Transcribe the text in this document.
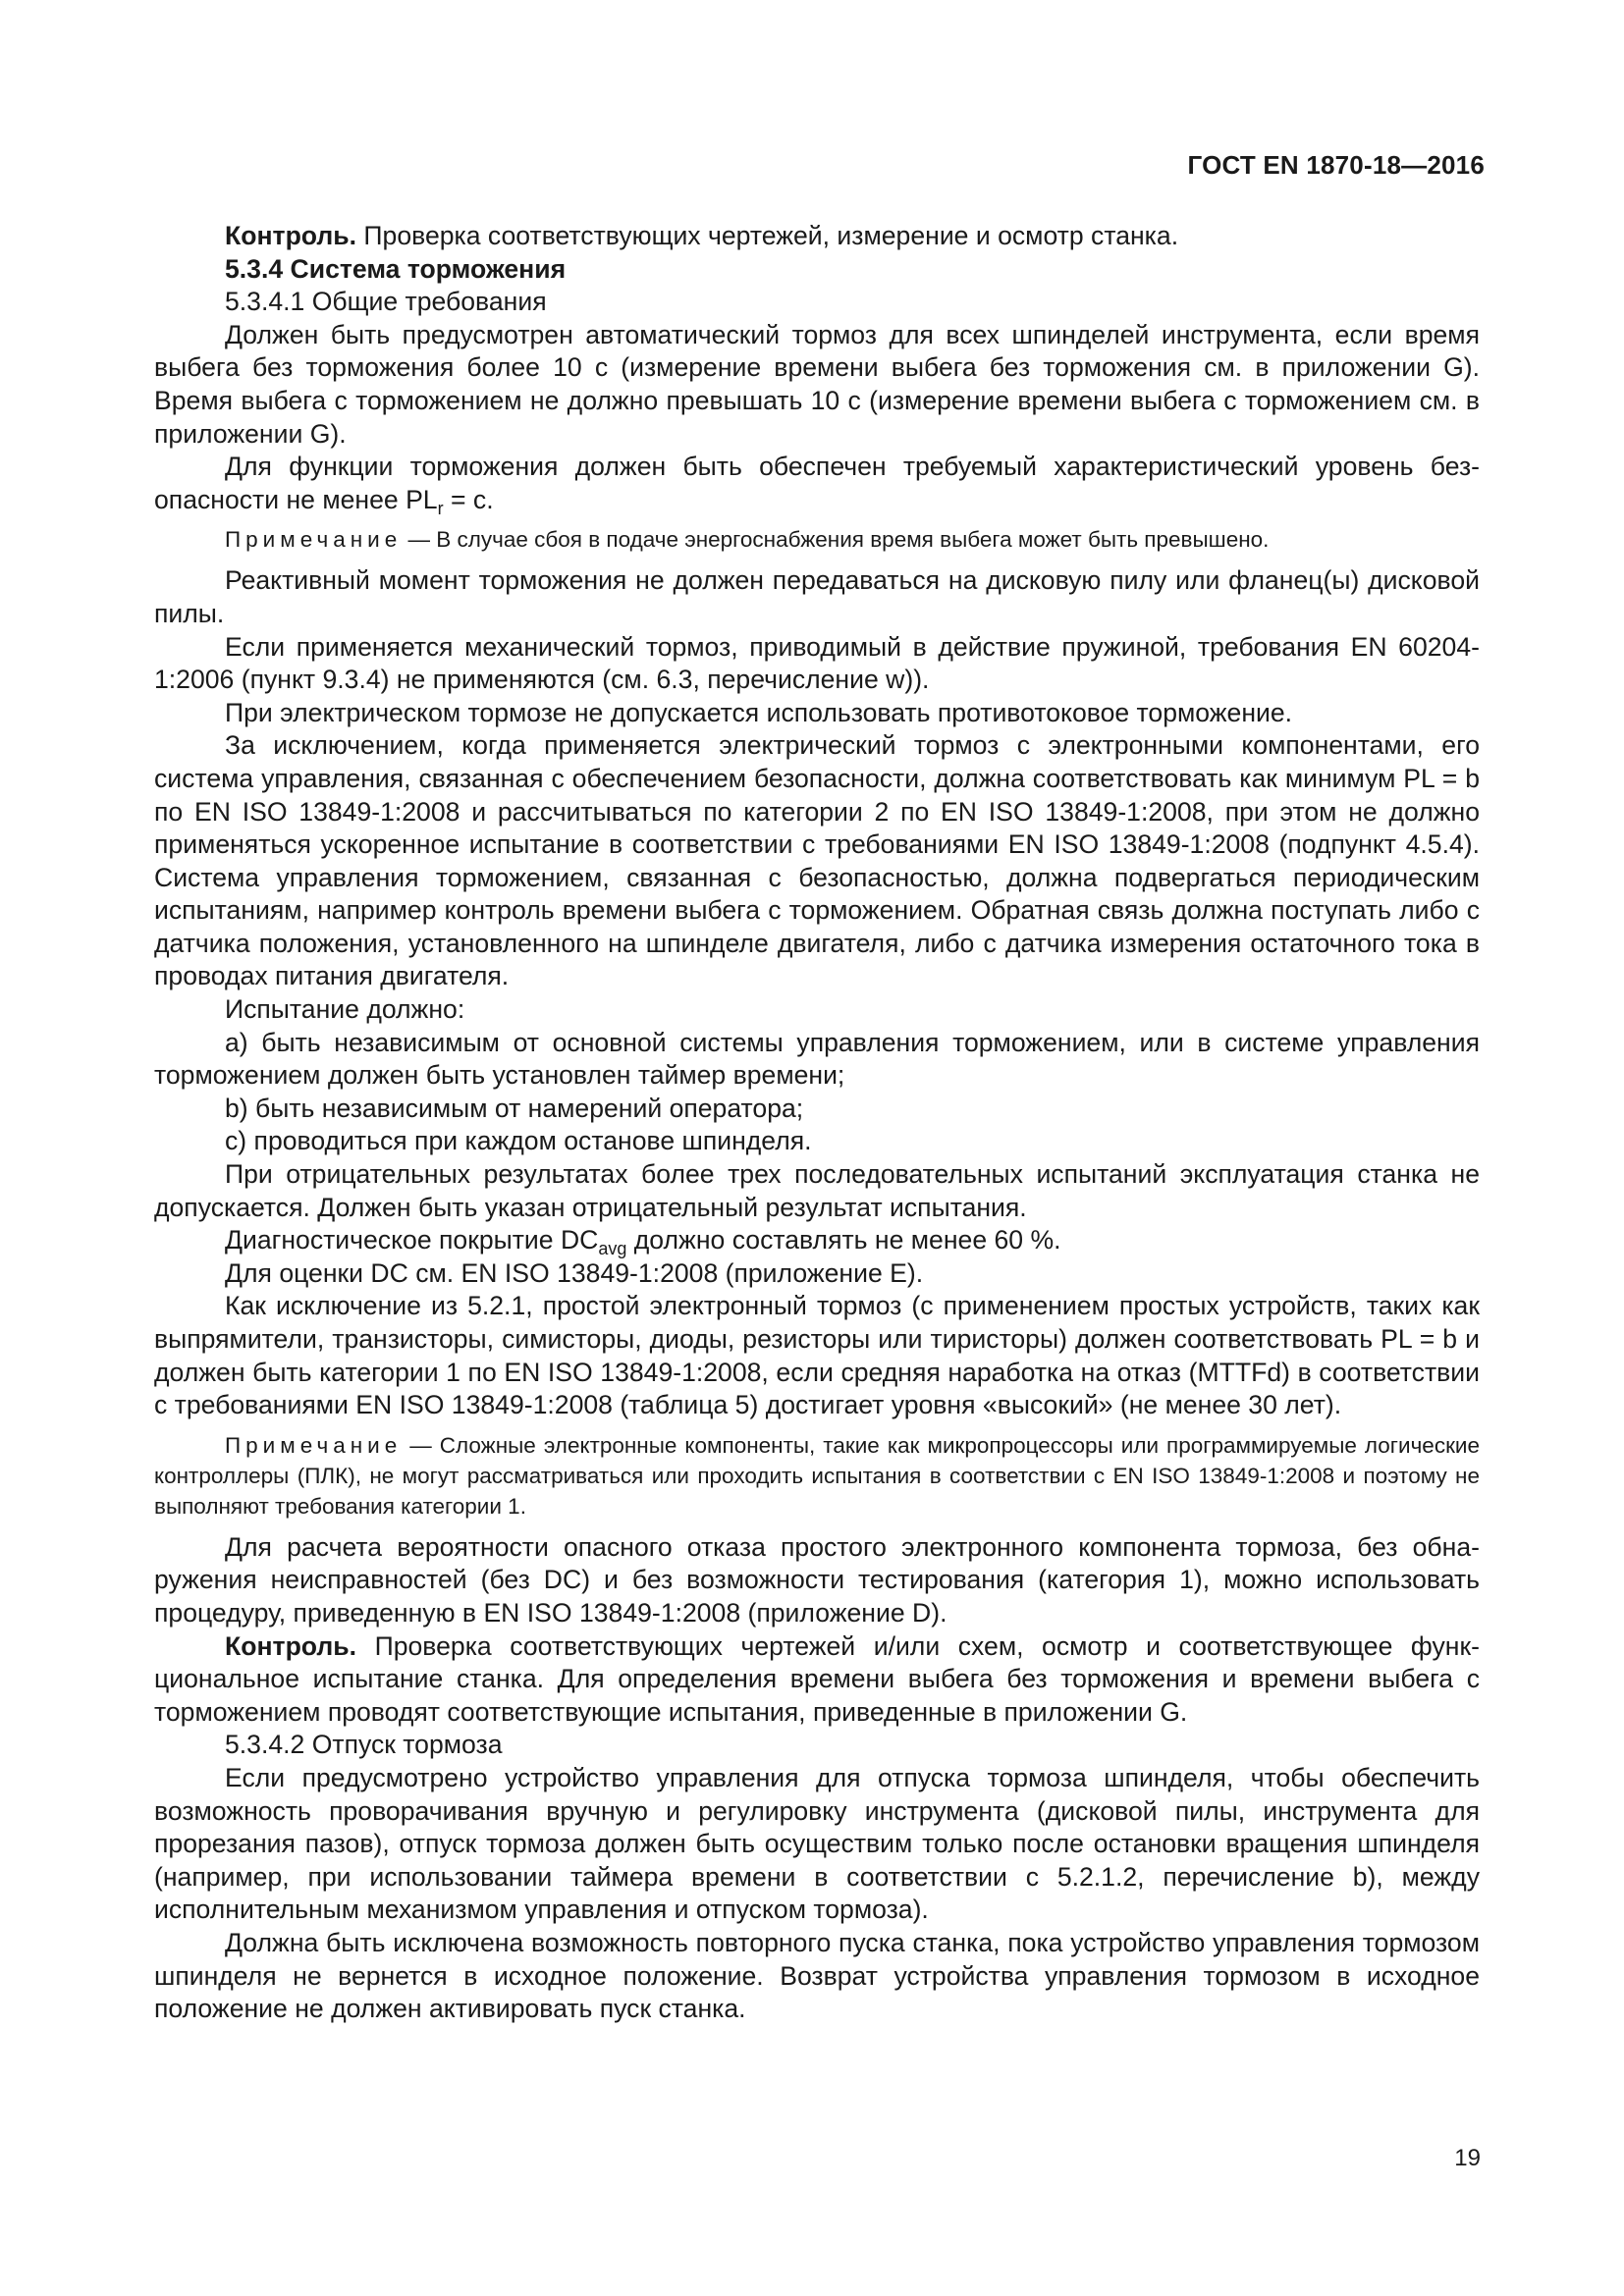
ГОСТ EN 1870-18—2016

Контроль. Проверка соответствующих чертежей, измерение и осмотр станка.

5.3.4 Система торможения

5.3.4.1 Общие требования

Должен быть предусмотрен автоматический тормоз для всех шпинделей инструмента, если время выбега без торможения более 10 с (измерение времени выбега без торможения см. в приложении G). Время выбега с торможением не должно превышать 10 с (измерение времени выбега с торможением см. в приложении G).

Для функции торможения должен быть обеспечен требуемый характеристический уровень безопасности не менее $PL_r = с$.

Примечание — В случае сбоя в подаче энергоснабжения время выбега может быть превышено.

Реактивный момент торможения не должен передаваться на дисковую пилу или фланец(ы) дисковой пилы.

Если применяется механический тормоз, приводимый в действие пружиной, требования EN 60204-1:2006 (пункт 9.3.4) не применяются (см. 6.3, перечисление w)).

При электрическом тормозе не допускается использовать противотоковое торможение.

За исключением, когда применяется электрический тормоз с электронными компонентами, его система управления, связанная с обеспечением безопасности, должна соответствовать как минимум PL = b по EN ISO 13849-1:2008 и рассчитываться по категории 2 по EN ISO 13849-1:2008, при этом не должно применяться ускоренное испытание в соответствии с требованиями EN ISO 13849-1:2008 (подпункт 4.5.4). Система управления торможением, связанная с безопасностью, должна подвергаться периодическим испытаниям, например контроль времени выбега с торможением. Обратная связь должна поступать либо с датчика положения, установленного на шпинделе двигателя, либо с датчика измерения остаточного тока в проводах питания двигателя.

Испытание должно:

a) быть независимым от основной системы управления торможением, или в системе управления торможением должен быть установлен таймер времени;

b) быть независимым от намерений оператора;

c) проводиться при каждом останове шпинделя.

При отрицательных результатах более трех последовательных испытаний эксплуатация станка не допускается. Должен быть указан отрицательный результат испытания.

Диагностическое покрытие $DC_{avg}$ должно составлять не менее 60 %.

Для оценки DC см. EN ISO 13849-1:2008 (приложение E).

Как исключение из 5.2.1, простой электронный тормоз (с применением простых устройств, таких как выпрямители, транзисторы, симисторы, диоды, резисторы или тиристоры) должен соответствовать PL = b и должен быть категории 1 по EN ISO 13849-1:2008, если средняя наработка на отказ (MTTFd) в соответствии с требованиями EN ISO 13849-1:2008 (таблица 5) достигает уровня «высокий» (не менее 30 лет).

Примечание — Сложные электронные компоненты, такие как микропроцессоры или программируемые логические контроллеры (ПЛК), не могут рассматриваться или проходить испытания в соответствии с EN ISO 13849-1:2008 и поэтому не выполняют требования категории 1.

Для расчета вероятности опасного отказа простого электронного компонента тормоза, без обнаружения неисправностей (без DC) и без возможности тестирования (категория 1), можно использовать процедуру, приведенную в EN ISO 13849-1:2008 (приложение D).

Контроль. Проверка соответствующих чертежей и/или схем, осмотр и соответствующее функциональное испытание станка. Для определения времени выбега без торможения и времени выбега с торможением проводят соответствующие испытания, приведенные в приложении G.

5.3.4.2 Отпуск тормоза

Если предусмотрено устройство управления для отпуска тормоза шпинделя, чтобы обеспечить возможность проворачивания вручную и регулировку инструмента (дисковой пилы, инструмента для прорезания пазов), отпуск тормоза должен быть осуществим только после остановки вращения шпинделя (например, при использовании таймера времени в соответствии с 5.2.1.2, перечисление b), между исполнительным механизмом управления и отпуском тормоза).

Должна быть исключена возможность повторного пуска станка, пока устройство управления тормозом шпинделя не вернется в исходное положение. Возврат устройства управления тормозом в исходное положение не должен активировать пуск станка.

19
